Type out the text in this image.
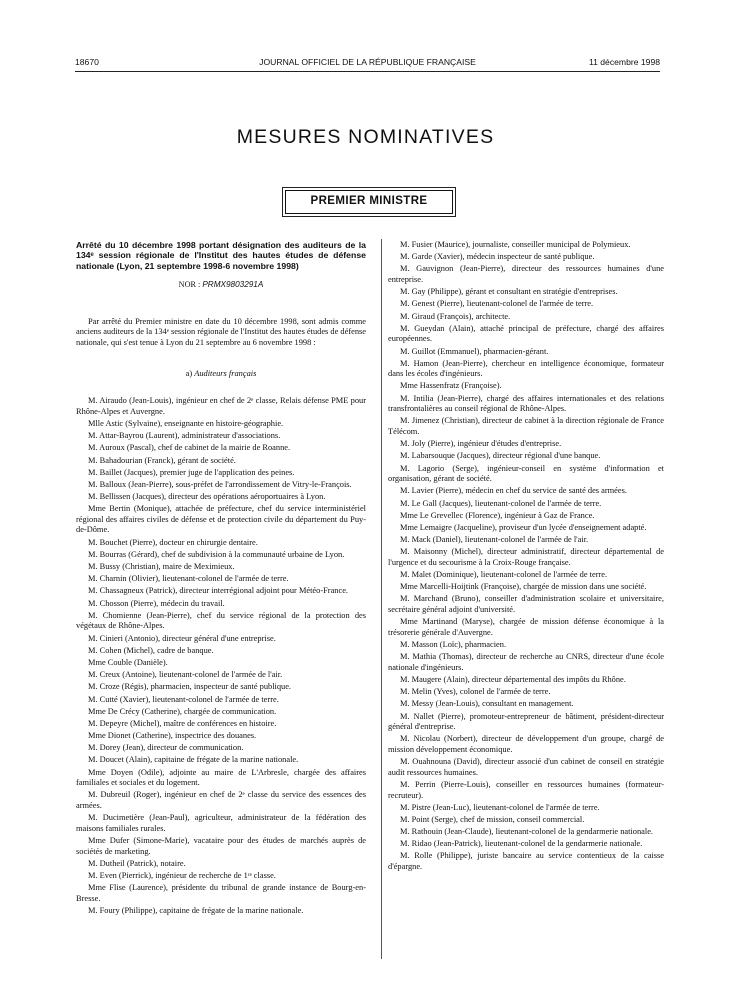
18670	JOURNAL OFFICIEL DE LA RÉPUBLIQUE FRANÇAISE	11 décembre 1998
MESURES NOMINATIVES
PREMIER MINISTRE

Arrêté du 10 décembre 1998 portant désignation des auditeurs de la 134ᵉ session régionale de l'Institut des hautes études de défense nationale (Lyon, 21 septembre 1998-6 novembre 1998)

NOR : PRMX9803291A

Par arrêté du Premier ministre en date du 10 décembre 1998, sont admis comme anciens auditeurs de la 134ᵉ session régionale de l'Institut des hautes études de défense nationale, qui s'est tenue à Lyon du 21 septembre au 6 novembre 1998 :

a) Auditeurs français

M. Airaudo (Jean-Louis), ingénieur en chef de 2ᵉ classe, Relais défense PME pour Rhône-Alpes et Auvergne.

Mlle Astic (Sylvaine), enseignante en histoire-géographie.

M. Attar-Bayrou (Laurent), administrateur d'associations.

M. Auroux (Pascal), chef de cabinet de la mairie de Roanne.

M. Bahadourian (Franck), gérant de société.

M. Baillet (Jacques), premier juge de l'application des peines.

M. Balloux (Jean-Pierre), sous-préfet de l'arrondissement de Vitry-le-François.

M. Bellissen (Jacques), directeur des opérations aéroportuaires à Lyon.

Mme Bertin (Monique), attachée de préfecture, chef du service interministériel régional des affaires civiles de défense et de protection civile du département du Puy-de-Dôme.

M. Bouchet (Pierre), docteur en chirurgie dentaire.

M. Bourras (Gérard), chef de subdivision à la communauté urbaine de Lyon.

M. Bussy (Christian), maire de Meximieux.

M. Charnin (Olivier), lieutenant-colonel de l'armée de terre.

M. Chassagneux (Patrick), directeur interrégional adjoint pour Météo-France.

M. Chosson (Pierre), médecin du travail.

M. Chomienne (Jean-Pierre), chef du service régional de la protection des végétaux de Rhône-Alpes.

M. Cinieri (Antonio), directeur général d'une entreprise.

M. Cohen (Michel), cadre de banque.

Mme Couble (Danièle).

M. Creux (Antoine), lieutenant-colonel de l'armée de l'air.

M. Croze (Régis), pharmacien, inspecteur de santé publique.

M. Cutté (Xavier), lieutenant-colonel de l'armée de terre.

Mme De Crécy (Catherine), chargée de communication.

M. Depeyre (Michel), maître de conférences en histoire.

Mme Dionet (Catherine), inspectrice des douanes.

M. Dorey (Jean), directeur de communication.

M. Doucet (Alain), capitaine de frégate de la marine nationale.

Mme Doyen (Odile), adjointe au maire de L'Arbresle, chargée des affaires familiales et sociales et du logement.

M. Dubreuil (Roger), ingénieur en chef de 2ᵉ classe du service des essences des armées.

M. Ducimetière (Jean-Paul), agriculteur, administrateur de la fédération des maisons familiales rurales.

Mme Dufer (Simone-Marie), vacataire pour des études de marchés auprès de sociétés de marketing.

M. Dutheil (Patrick), notaire.

M. Even (Pierrick), ingénieur de recherche de 1ʳᵉ classe.

Mme Flise (Laurence), présidente du tribunal de grande instance de Bourg-en-Bresse.

M. Foury (Philippe), capitaine de frégate de la marine nationale.

M. Fusier (Maurice), journaliste, conseiller municipal de Polymieux.

M. Garde (Xavier), médecin inspecteur de santé publique.

M. Gauvignon (Jean-Pierre), directeur des ressources humaines d'une entreprise.

M. Gay (Philippe), gérant et consultant en stratégie d'entreprises.

M. Genest (Pierre), lieutenant-colonel de l'armée de terre.

M. Giraud (François), architecte.

M. Gueydan (Alain), attaché principal de préfecture, chargé des affaires européennes.

M. Guillot (Emmanuel), pharmacien-gérant.

M. Hamon (Jean-Pierre), chercheur en intelligence économique, formateur dans les écoles d'ingénieurs.

Mme Hassenfratz (Françoise).

M. Intilia (Jean-Pierre), chargé des affaires internationales et des relations transfrontalières au conseil régional de Rhône-Alpes.

M. Jimenez (Christian), directeur de cabinet à la direction régionale de France Télécom.

M. Joly (Pierre), ingénieur d'études d'entreprise.

M. Labarsouque (Jacques), directeur régional d'une banque.

M. Lagorio (Serge), ingénieur-conseil en système d'information et organisation, gérant de société.

M. Lavier (Pierre), médecin en chef du service de santé des armées.

M. Le Gall (Jacques), lieutenant-colonel de l'armée de terre.

Mme Le Grevellec (Florence), ingénieur à Gaz de France.

Mme Lemaigre (Jacqueline), proviseur d'un lycée d'enseignement adapté.

M. Mack (Daniel), lieutenant-colonel de l'armée de l'air.

M. Maisonny (Michel), directeur administratif, directeur départemental de l'urgence et du secourisme à la Croix-Rouge française.

M. Malet (Dominique), lieutenant-colonel de l'armée de terre.

Mme Marcelli-Hoijtink (Françoise), chargée de mission dans une société.

M. Marchand (Bruno), conseiller d'administration scolaire et universitaire, secrétaire général adjoint d'université.

Mme Martinand (Maryse), chargée de mission défense économique à la trésorerie générale d'Auvergne.

M. Masson (Loïc), pharmacien.

M. Mathia (Thomas), directeur de recherche au CNRS, directeur d'une école nationale d'ingénieurs.

M. Maugere (Alain), directeur départemental des impôts du Rhône.

M. Melin (Yves), colonel de l'armée de terre.

M. Messy (Jean-Louis), consultant en management.

M. Nallet (Pierre), promoteur-entrepreneur de bâtiment, président-directeur général d'entreprise.

M. Nicolau (Norbert), directeur de développement d'un groupe, chargé de mission développement économique.

M. Ouahnouna (David), directeur associé d'un cabinet de conseil en stratégie audit ressources humaines.

M. Perrin (Pierre-Louis), conseiller en ressources humaines (formateur-recruteur).

M. Pistre (Jean-Luc), lieutenant-colonel de l'armée de terre.

M. Point (Serge), chef de mission, conseil commercial.

M. Rathouin (Jean-Claude), lieutenant-colonel de la gendarmerie nationale.

M. Ridao (Jean-Patrick), lieutenant-colonel de la gendarmerie nationale.

M. Rolle (Philippe), juriste bancaire au service contentieux de la caisse d'épargne.
